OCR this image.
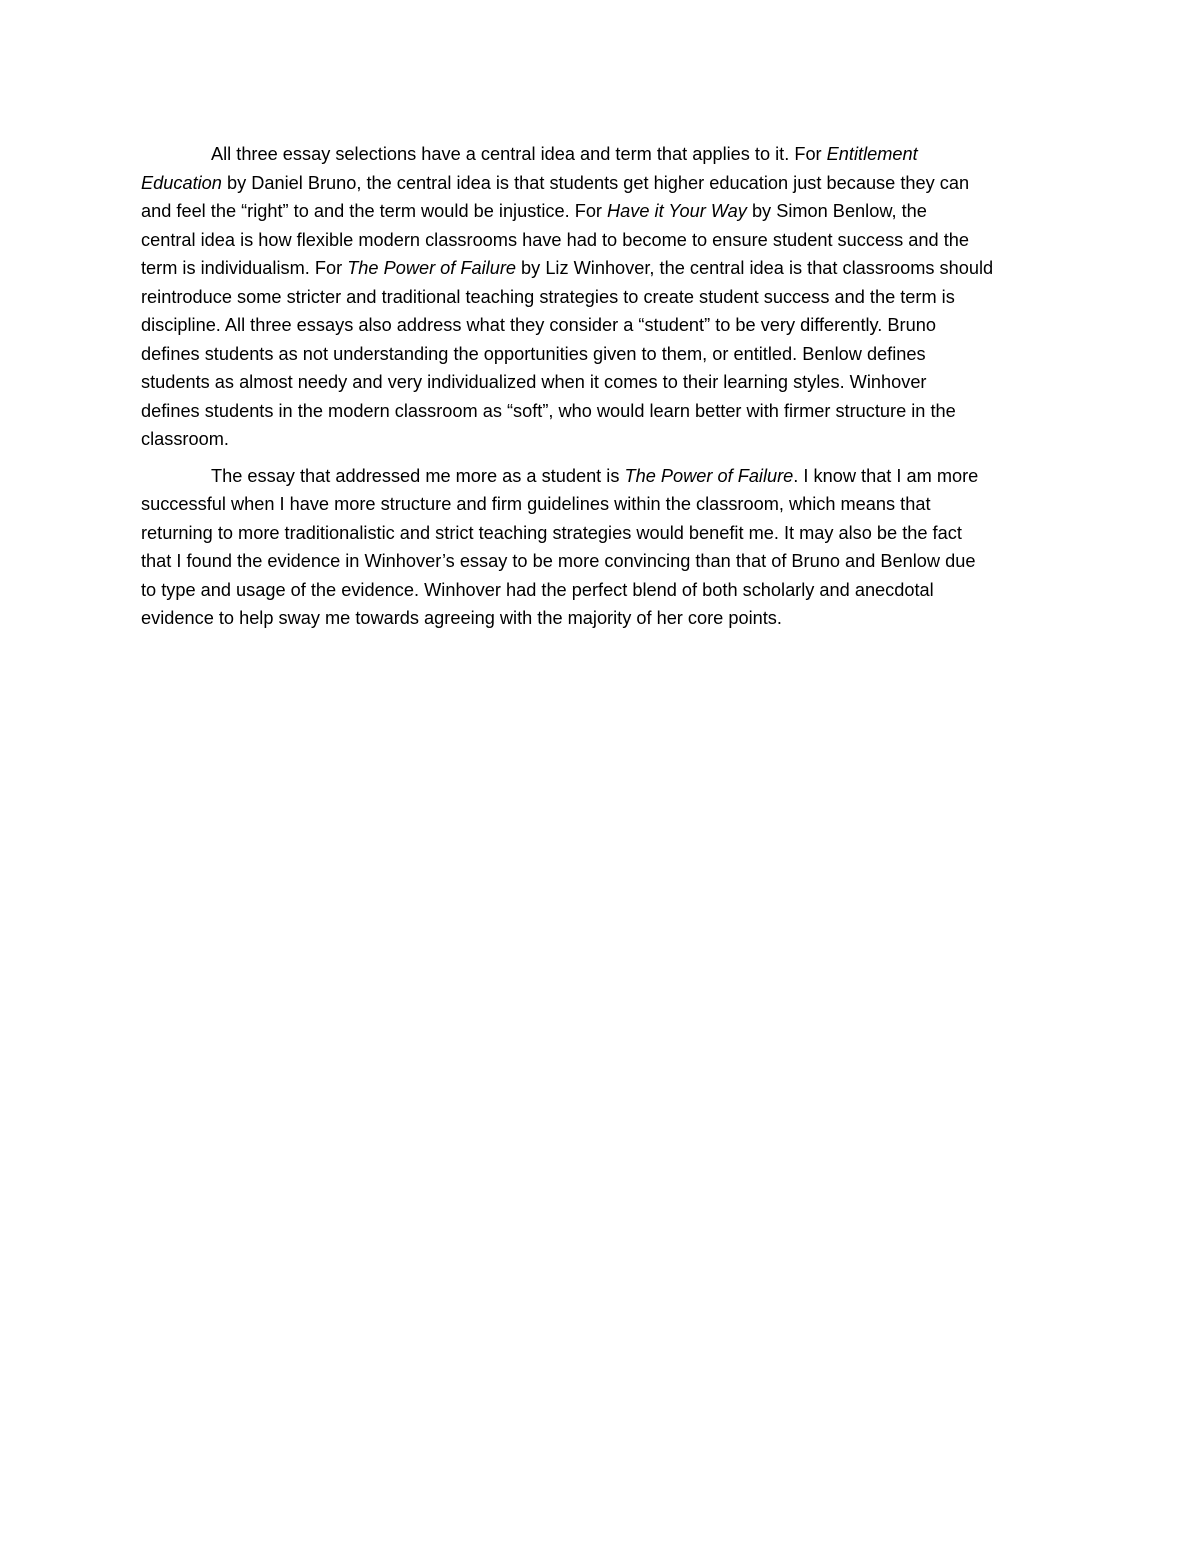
All three essay selections have a central idea and term that applies to it. For Entitlement
Education by Daniel Bruno, the central idea is that students get higher education just because they can
and feel the “right” to and the term would be injustice. For Have it Your Way by Simon Benlow, the
central idea is how flexible modern classrooms have had to become to ensure student success and the
term is individualism. For The Power of Failure by Liz Winhover, the central idea is that classrooms should
reintroduce some stricter and traditional teaching strategies to create student success and the term is
discipline. All three essays also address what they consider a “student” to be very differently. Bruno
defines students as not understanding the opportunities given to them, or entitled. Benlow defines
students as almost needy and very individualized when it comes to their learning styles. Winhover
defines students in the modern classroom as “soft”, who would learn better with firmer structure in the
classroom.

The essay that addressed me more as a student is The Power of Failure. I know that I am more
successful when I have more structure and firm guidelines within the classroom, which means that
returning to more traditionalistic and strict teaching strategies would benefit me. It may also be the fact
that I found the evidence in Winhover’s essay to be more convincing than that of Bruno and Benlow due
to type and usage of the evidence. Winhover had the perfect blend of both scholarly and anecdotal
evidence to help sway me towards agreeing with the majority of her core points.
